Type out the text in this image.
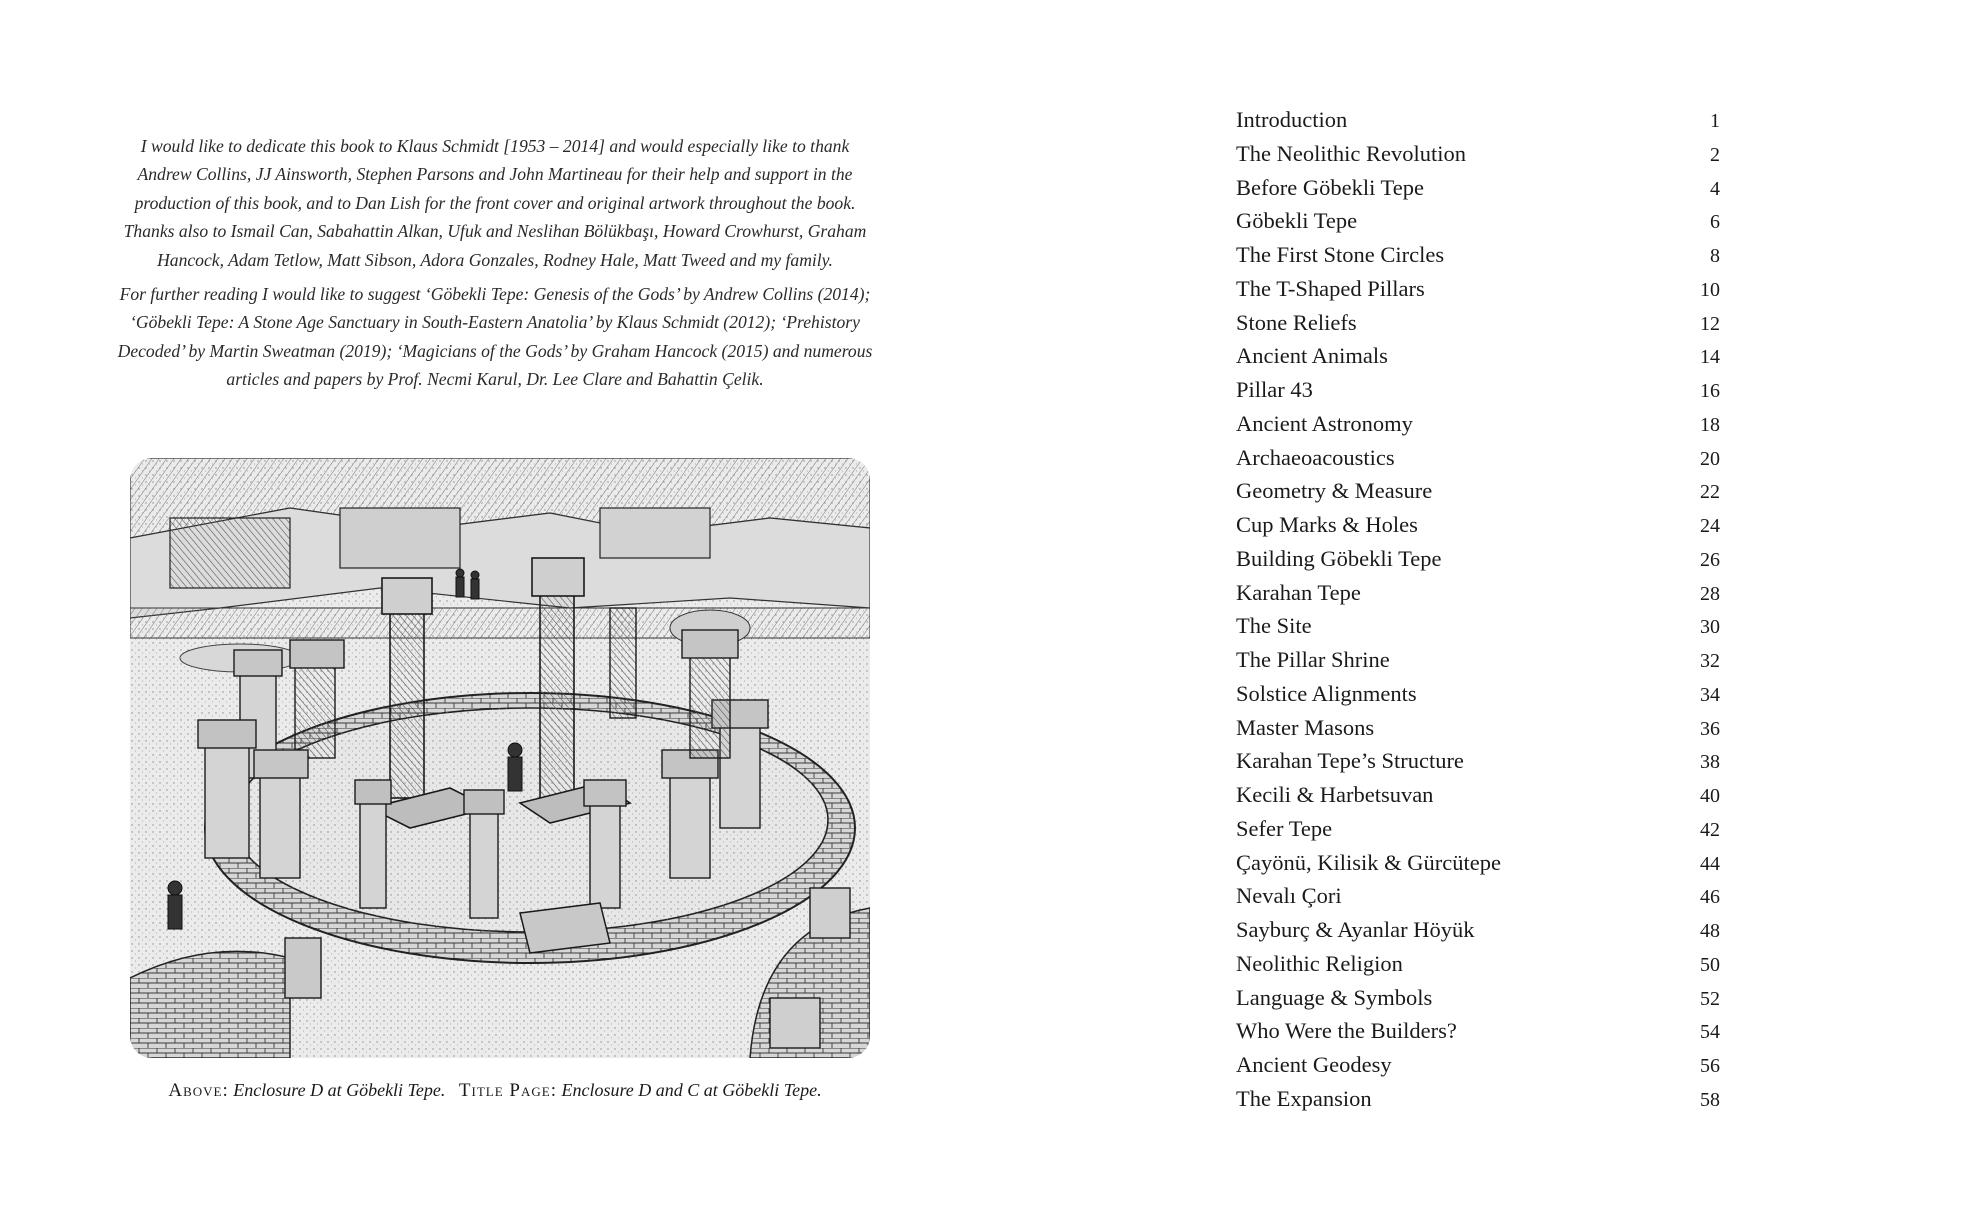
I would like to dedicate this book to Klaus Schmidt [1953 – 2014] and would especially like to thank Andrew Collins, JJ Ainsworth, Stephen Parsons and John Martineau for their help and support in the production of this book, and to Dan Lish for the front cover and original artwork throughout the book. Thanks also to Ismail Can, Sabahattin Alkan, Ufuk and Neslihan Bölükbaşı, Howard Crowhurst, Graham Hancock, Adam Tetlow, Matt Sibson, Adora Gonzales, Rodney Hale, Matt Tweed and my family.

For further reading I would like to suggest ‘Göbekli Tepe: Genesis of the Gods’ by Andrew Collins (2014); ‘Göbekli Tepe: A Stone Age Sanctuary in South-Eastern Anatolia’ by Klaus Schmidt (2012); ‘Prehistory Decoded’ by Martin Sweatman (2019); ‘Magicians of the Gods’ by Graham Hancock (2015) and numerous articles and papers by Prof. Necmi Karul, Dr. Lee Clare and Bahattin Çelik.

Above: Enclosure D at Göbekli Tepe. Title Page: Enclosure D and C at Göbekli Tepe.
Introduction	1
The Neolithic Revolution	2
Before Göbekli Tepe	4
Göbekli Tepe	6
The First Stone Circles	8
The T-Shaped Pillars	10
Stone Reliefs	12
Ancient Animals	14
Pillar 43	16
Ancient Astronomy	18
Archaeoacoustics	20
Geometry & Measure	22
Cup Marks & Holes	24
Building Göbekli Tepe	26
Karahan Tepe	28
The Site	30
The Pillar Shrine	32
Solstice Alignments	34
Master Masons	36
Karahan Tepe’s Structure	38
Kecili & Harbetsuvan	40
Sefer Tepe	42
Çayönü, Kilisik & Gürcütepe	44
Nevalı Çori	46
Sayburç & Ayanlar Höyük	48
Neolithic Religion	50
Language & Symbols	52
Who Were the Builders?	54
Ancient Geodesy	56
The Expansion	58
